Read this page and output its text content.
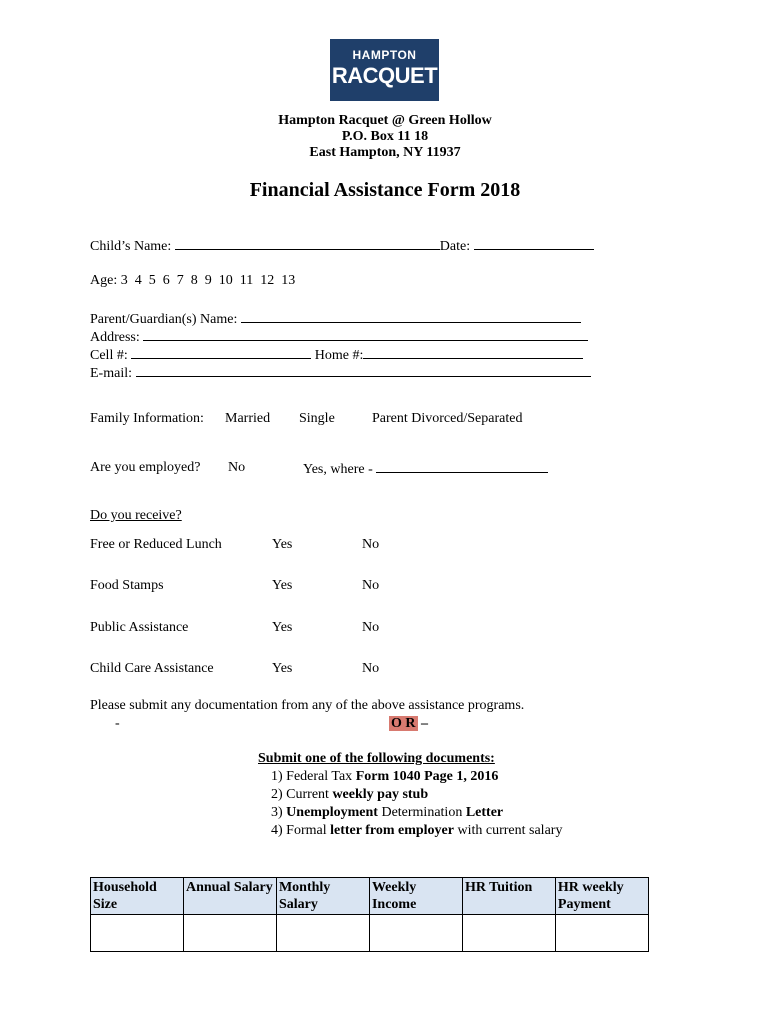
HAMPTON
RACQUET
Hampton Racquet @ Green Hollow
P.O. Box 11 18
East Hampton, NY 11937
Financial Assistance Form 2018
Child’s Name:	Date:
Age: 3  4  5  6  7  8  9  10  11  12  13
Parent/Guardian(s) Name:
Address:
Cell #:	Home #:
E-mail:
Family Information: Married Single	Parent Divorced/Separated
Are you employed? No	Yes, where -
Do you receive?
Free or Reduced Lunch	Yes	No
Food Stamps	Yes	No
Public Assistance	Yes	No
Child Care Assistance	Yes	No
Please submit any documentation from any of the above assistance programs.
-	O R –
Submit one of the following documents:
1) Federal Tax Form 1040 Page 1, 2016
2) Current weekly pay stub
3) Unemployment Determination Letter
4) Formal letter from employer with current salary
Household Size	Annual Salary	Monthly Salary	Weekly Income	HR Tuition	HR weekly Payment
